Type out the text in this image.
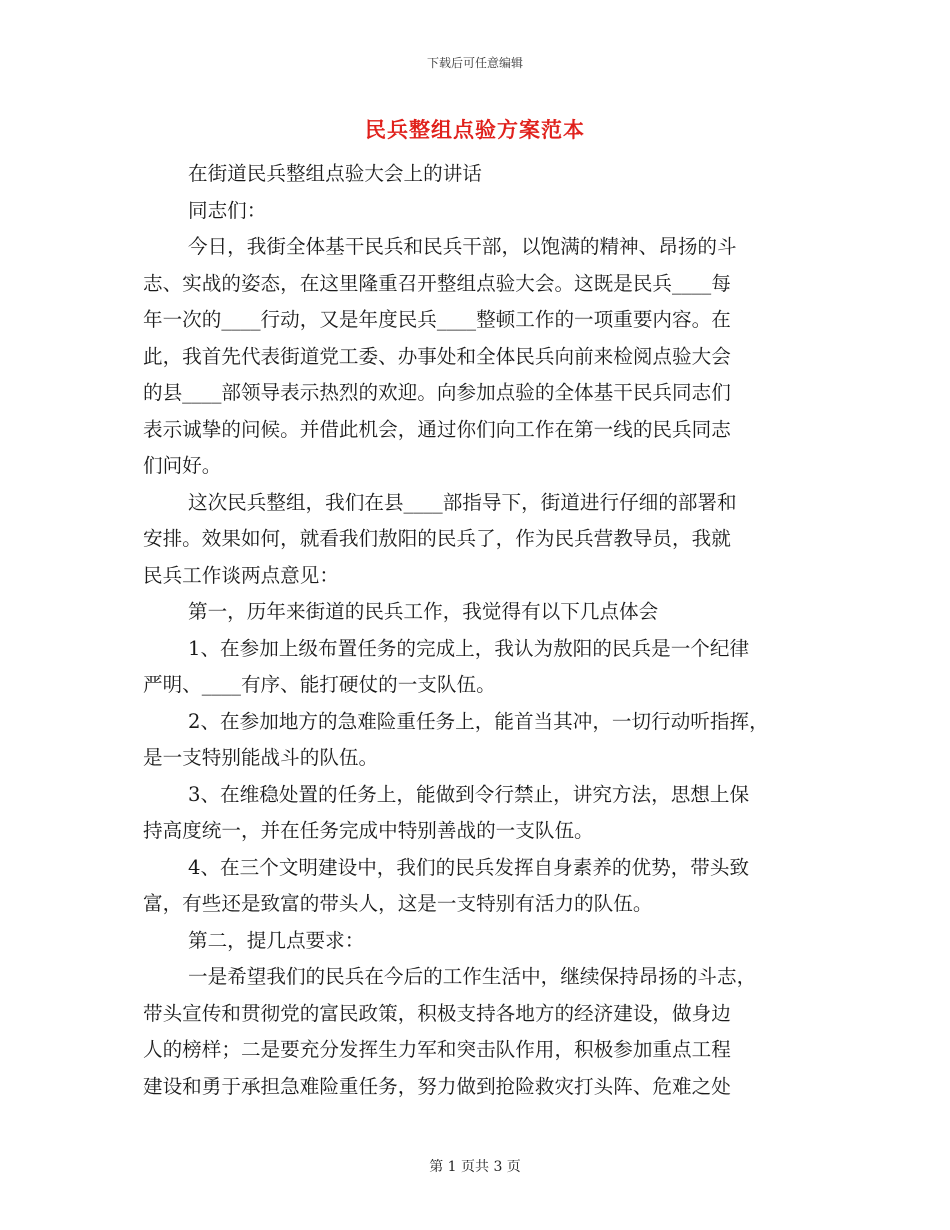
下载后可任意编辑
民兵整组点验方案范本
在街道民兵整组点验大会上的讲话
同志们：
今日，我街全体基干民兵和民兵干部，以饱满的精神、昂扬的斗
志、实战的姿态，在这里隆重召开整组点验大会。这既是民兵____每
年一次的____行动，又是年度民兵____整顿工作的一项重要内容。在
此，我首先代表街道党工委、办事处和全体民兵向前来检阅点验大会
的县____部领导表示热烈的欢迎。向参加点验的全体基干民兵同志们
表示诚挚的问候。并借此机会，通过你们向工作在第一线的民兵同志
们问好。
这次民兵整组，我们在县____部指导下，街道进行仔细的部署和
安排。效果如何，就看我们敖阳的民兵了，作为民兵营教导员，我就
民兵工作谈两点意见：
第一，历年来街道的民兵工作，我觉得有以下几点体会
1、在参加上级布置任务的完成上，我认为敖阳的民兵是一个纪律
严明、____有序、能打硬仗的一支队伍。
2、在参加地方的急难险重任务上，能首当其冲，一切行动听指挥，
是一支特别能战斗的队伍。
3、在维稳处置的任务上，能做到令行禁止，讲究方法，思想上保
持高度统一，并在任务完成中特别善战的一支队伍。
4、在三个文明建设中，我们的民兵发挥自身素养的优势，带头致
富，有些还是致富的带头人，这是一支特别有活力的队伍。
第二，提几点要求：
一是希望我们的民兵在今后的工作生活中，继续保持昂扬的斗志，
带头宣传和贯彻党的富民政策，积极支持各地方的经济建设，做身边
人的榜样；二是要充分发挥生力军和突击队作用，积极参加重点工程
建设和勇于承担急难险重任务，努力做到抢险救灾打头阵、危难之处
第 1 页共 3 页
